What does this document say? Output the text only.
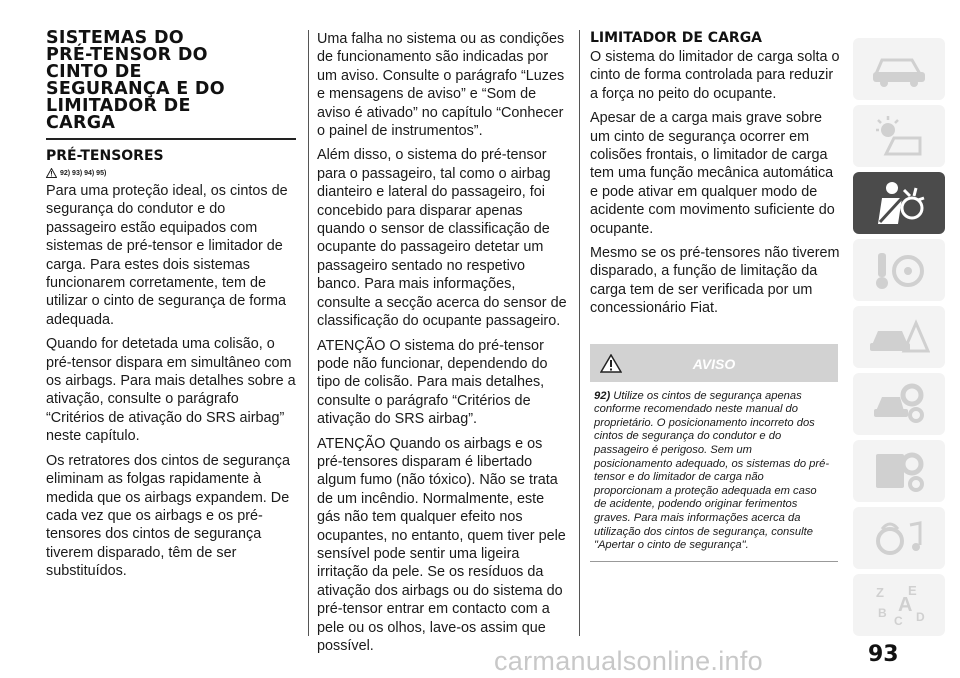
SISTEMAS DO
PRÉ-TENSOR DO
CINTO DE
SEGURANÇA E DO
LIMITADOR DE
CARGA
PRÉ-TENSORES
92) 93) 94) 95)

Para uma proteção ideal, os cintos de segurança do condutor e do passageiro estão equipados com sistemas de pré-tensor e limitador de carga. Para estes dois sistemas funcionarem corretamente, tem de utilizar o cinto de segurança de forma adequada.

Quando for detetada uma colisão, o pré-tensor dispara em simultâneo com os airbags. Para mais detalhes sobre a ativação, consulte o parágrafo “Critérios de ativação do SRS airbag” neste capítulo.

Os retratores dos cintos de segurança eliminam as folgas rapidamente à medida que os airbags expandem. De cada vez que os airbags e os pré-tensores dos cintos de segurança tiverem disparado, têm de ser substituídos.

Uma falha no sistema ou as condições de funcionamento são indicadas por um aviso. Consulte o parágrafo “Luzes e mensagens de aviso” e “Som de aviso é ativado” no capítulo “Conhecer o painel de instrumentos”.

Além disso, o sistema do pré-tensor para o passageiro, tal como o airbag dianteiro e lateral do passageiro, foi concebido para disparar apenas quando o sensor de classificação de ocupante do passageiro detetar um passageiro sentado no respetivo banco. Para mais informações, consulte a secção acerca do sensor de classificação do ocupante passageiro.

ATENÇÃO O sistema do pré-tensor pode não funcionar, dependendo do tipo de colisão. Para mais detalhes, consulte o parágrafo “Critérios de ativação do SRS airbag”.

ATENÇÃO Quando os airbags e os pré-tensores disparam é libertado algum fumo (não tóxico). Não se trata de um incêndio. Normalmente, este gás não tem qualquer efeito nos ocupantes, no entanto, quem tiver pele sensível pode sentir uma ligeira irritação da pele. Se os resíduos da ativação dos airbags ou do sistema do pré-tensor entrar em contacto com a pele ou os olhos, lave-os assim que possível.

LIMITADOR DE CARGA

O sistema do limitador de carga solta o cinto de forma controlada para reduzir a força no peito do ocupante.

Apesar de a carga mais grave sobre um cinto de segurança ocorrer em colisões frontais, o limitador de carga tem uma função mecânica automática e pode ativar em qualquer modo de acidente com movimento suficiente do ocupante.

Mesmo se os pré-tensores não tiverem disparado, a função de limitação da carga tem de ser verificada por um concessionário Fiat.

AVISO
92) Utilize os cintos de segurança apenas conforme recomendado neste manual do proprietário. O posicionamento incorreto dos cintos de segurança do condutor e do passageiro é perigoso. Sem um posicionamento adequado, os sistemas do pré-tensor e do limitador de carga não proporcionam a proteção adequada em caso de acidente, podendo originar ferimentos graves. Para mais informações acerca da utilização dos cintos de segurança, consulte "Apertar o cinto de segurança".
Z E
B
C
A
D
carmanualsonline.info	93
